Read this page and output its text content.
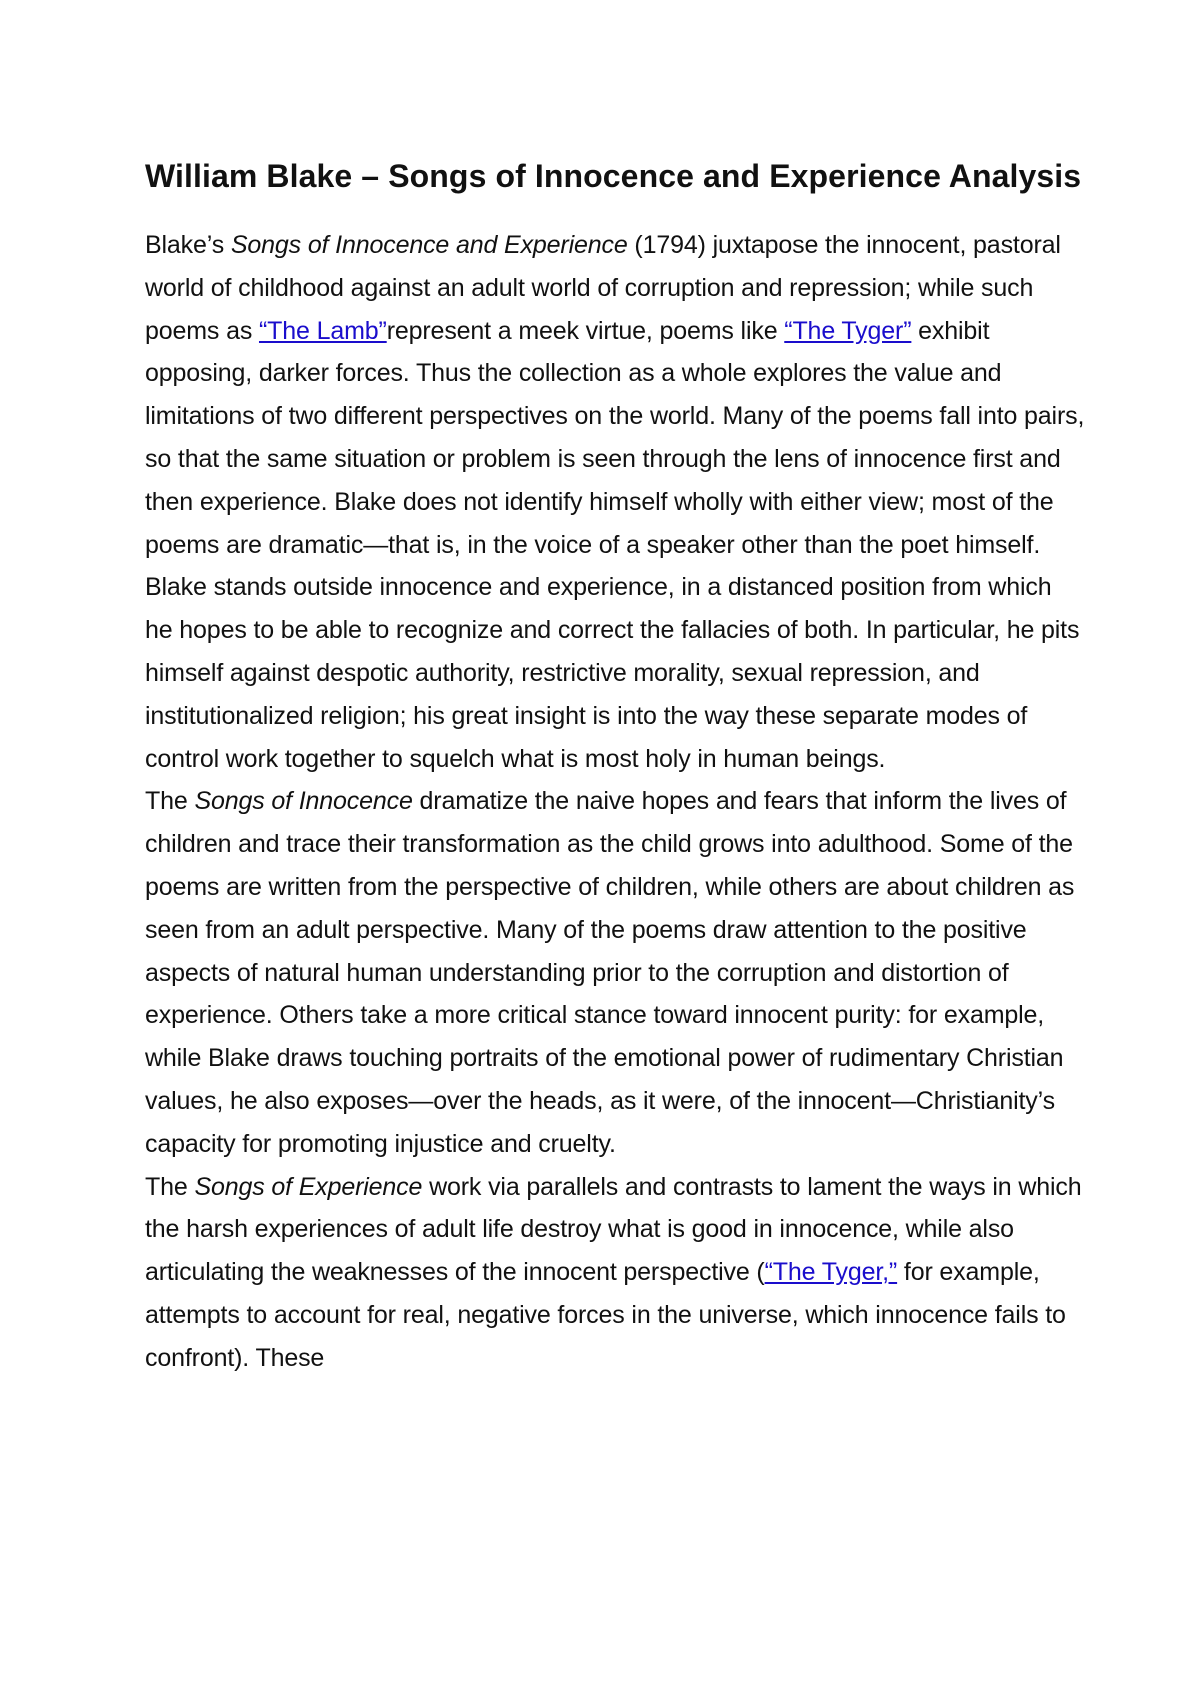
William Blake – Songs of Innocence and Experience Analysis

Blake’s Songs of Innocence and Experience (1794) juxtapose the innocent, pastoral world of childhood against an adult world of corruption and repression; while such poems as “The Lamb”represent a meek virtue, poems like “The Tyger” exhibit opposing, darker forces. Thus the collection as a whole explores the value and limitations of two different perspectives on the world. Many of the poems fall into pairs, so that the same situation or problem is seen through the lens of innocence first and then experience. Blake does not identify himself wholly with either view; most of the poems are dramatic—that is, in the voice of a speaker other than the poet himself. Blake stands outside innocence and experience, in a distanced position from which he hopes to be able to recognize and correct the fallacies of both. In particular, he pits himself against despotic authority, restrictive morality, sexual repression, and institutionalized religion; his great insight is into the way these separate modes of control work together to squelch what is most holy in human beings.

The Songs of Innocence dramatize the naive hopes and fears that inform the lives of children and trace their transformation as the child grows into adulthood. Some of the poems are written from the perspective of children, while others are about children as seen from an adult perspective. Many of the poems draw attention to the positive aspects of natural human understanding prior to the corruption and distortion of experience. Others take a more critical stance toward innocent purity: for example, while Blake draws touching portraits of the emotional power of rudimentary Christian values, he also exposes—over the heads, as it were, of the innocent—Christianity’s capacity for promoting injustice and cruelty.

The Songs of Experience work via parallels and contrasts to lament the ways in which the harsh experiences of adult life destroy what is good in innocence, while also articulating the weaknesses of the innocent perspective (“The Tyger,” for example, attempts to account for real, negative forces in the universe, which innocence fails to confront). These
